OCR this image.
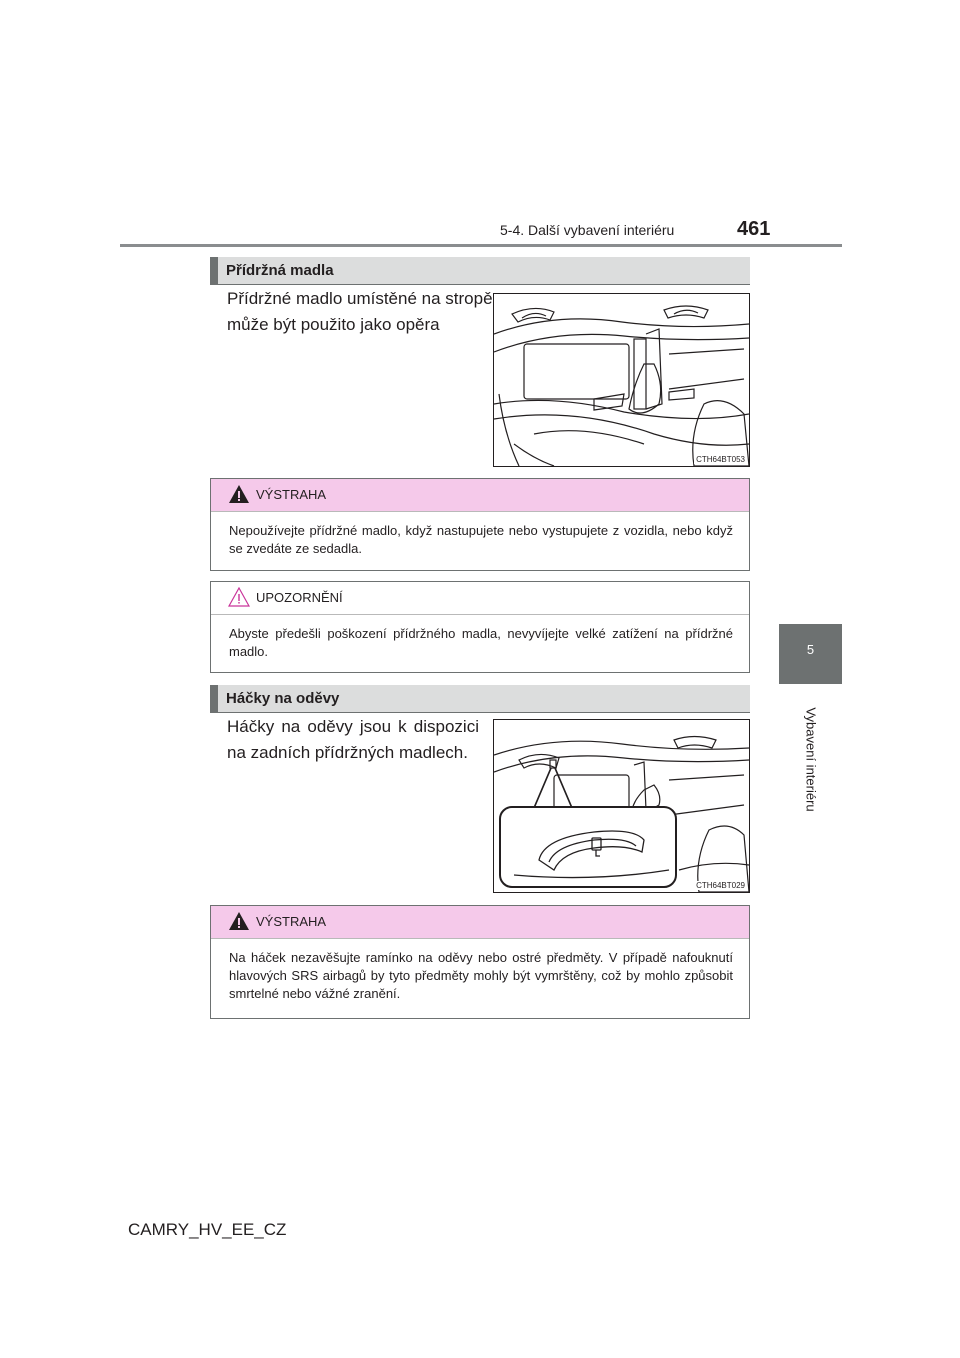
5-4. Další vybavení interiéru	461
5
Vybavení interiéru
Přídržná madla
Přídržné madlo umístěné na stropě
může být použito jako opěra
CTH64BT053
VÝSTRAHA
Nepoužívejte přídržné madlo, když nastupujete nebo vystupujete z vozidla, nebo když se zvedáte ze sedadla.
UPOZORNĚNÍ
Abyste předešli poškození přídržného madla, nevyvíjejte velké zatížení na přídržné madlo.
Háčky na oděvy
Háčky na oděvy jsou k dispozici
na zadních přídržných madlech.
CTH64BT029
VÝSTRAHA
Na háček nezavěšujte ramínko na oděvy nebo ostré předměty. V případě nafouknutí hlavových SRS airbagů by tyto předměty mohly být vymrštěny, což by mohlo způsobit smrtelné nebo vážné zranění.
CAMRY_HV_EE_CZ
